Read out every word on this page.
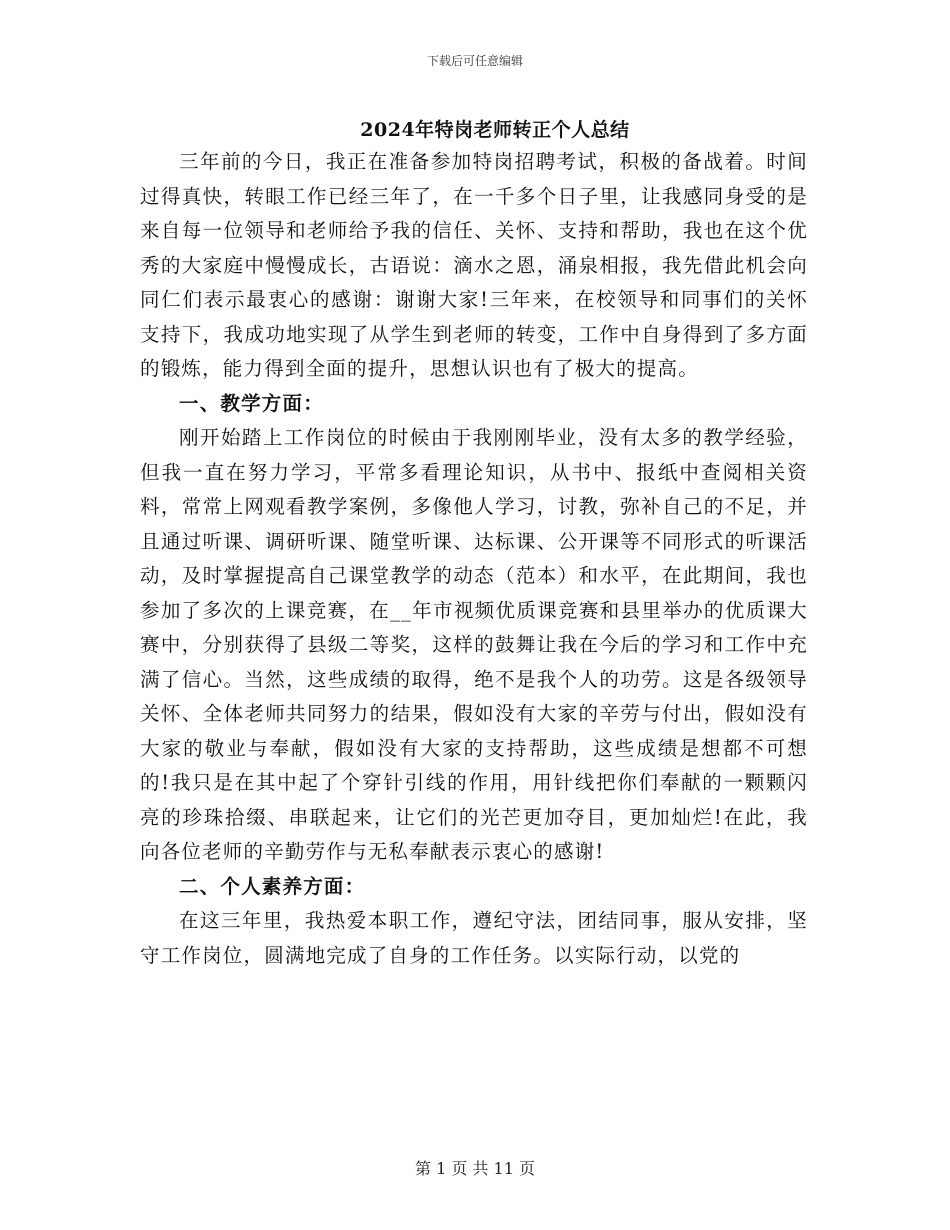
下载后可任意编辑
2024年特岗老师转正个人总结

三年前的今日，我正在准备参加特岗招聘考试，积极的备战着。时间过得真快，转眼工作已经三年了，在一千多个日子里，让我感同身受的是来自每一位领导和老师给予我的信任、关怀、支持和帮助，我也在这个优秀的大家庭中慢慢成长，古语说：滴水之恩，涌泉相报，我先借此机会向同仁们表示最衷心的感谢：谢谢大家!三年来，在校领导和同事们的关怀支持下，我成功地实现了从学生到老师的转变，工作中自身得到了多方面的锻炼，能力得到全面的提升，思想认识也有了极大的提高。

一、教学方面：

刚开始踏上工作岗位的时候由于我刚刚毕业，没有太多的教学经验，但我一直在努力学习，平常多看理论知识，从书中、报纸中查阅相关资料，常常上网观看教学案例，多像他人学习，讨教，弥补自己的不足，并且通过听课、调研听课、随堂听课、达标课、公开课等不同形式的听课活动，及时掌握提高自己课堂教学的动态（范本）和水平，在此期间，我也参加了多次的上课竞赛，在__年市视频优质课竞赛和县里举办的优质课大赛中，分别获得了县级二等奖，这样的鼓舞让我在今后的学习和工作中充满了信心。当然，这些成绩的取得，绝不是我个人的功劳。这是各级领导关怀、全体老师共同努力的结果，假如没有大家的辛劳与付出，假如没有大家的敬业与奉献，假如没有大家的支持帮助，这些成绩是想都不可想的!我只是在其中起了个穿针引线的作用，用针线把你们奉献的一颗颗闪亮的珍珠拾缀、串联起来，让它们的光芒更加夺目，更加灿烂!在此，我向各位老师的辛勤劳作与无私奉献表示衷心的感谢!

二、个人素养方面：

在这三年里，我热爱本职工作，遵纪守法，团结同事，服从安排，坚守工作岗位，圆满地完成了自身的工作任务。以实际行动，以党的

第 1 页 共 11 页
